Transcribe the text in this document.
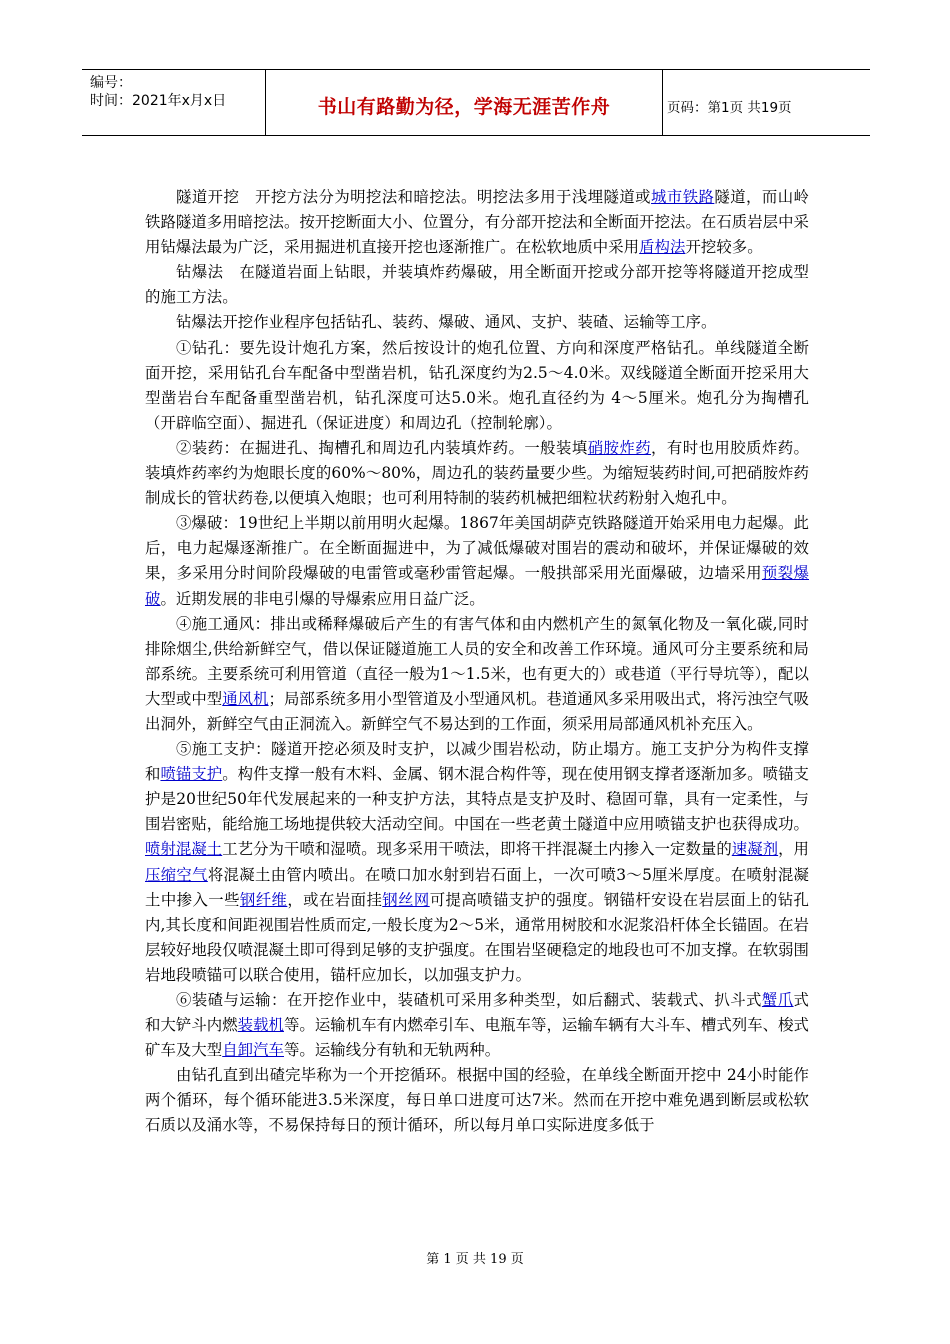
编号：
时间：2021年x月x日	书山有路勤为径，学海无涯苦作舟	页码：第1页 共19页

隧道开挖　开挖方法分为明挖法和暗挖法。明挖法多用于浅埋隧道或城市铁路隧道，而山岭铁路隧道多用暗挖法。按开挖断面大小、位置分，有分部开挖法和全断面开挖法。在石质岩层中采用钻爆法最为广泛，采用掘进机直接开挖也逐渐推广。在松软地质中采用盾构法开挖较多。

钻爆法　在隧道岩面上钻眼，并装填炸药爆破，用全断面开挖或分部开挖等将隧道开挖成型的施工方法。

钻爆法开挖作业程序包括钻孔、装药、爆破、通风、支护、装碴、运输等工序。

①钻孔：要先设计炮孔方案，然后按设计的炮孔位置、方向和深度严格钻孔。单线隧道全断面开挖，采用钻孔台车配备中型凿岩机，钻孔深度约为2.5～4.0米。双线隧道全断面开挖采用大型凿岩台车配备重型凿岩机，钻孔深度可达5.0米。炮孔直径约为 4～5厘米。炮孔分为掏槽孔（开辟临空面）、掘进孔（保证进度）和周边孔（控制轮廓）。

②装药：在掘进孔、掏槽孔和周边孔内装填炸药。一般装填硝胺炸药，有时也用胶质炸药。装填炸药率约为炮眼长度的60%～80%，周边孔的装药量要少些。为缩短装药时间,可把硝胺炸药制成长的管状药卷,以便填入炮眼；也可利用特制的装药机械把细粒状药粉射入炮孔中。

③爆破：19世纪上半期以前用明火起爆。1867年美国胡萨克铁路隧道开始采用电力起爆。此后，电力起爆逐渐推广。在全断面掘进中，为了减低爆破对围岩的震动和破坏，并保证爆破的效果，多采用分时间阶段爆破的电雷管或毫秒雷管起爆。一般拱部采用光面爆破，边墙采用预裂爆破。近期发展的非电引爆的导爆索应用日益广泛。

④施工通风：排出或稀释爆破后产生的有害气体和由内燃机产生的氮氧化物及一氧化碳,同时排除烟尘,供给新鲜空气，借以保证隧道施工人员的安全和改善工作环境。通风可分主要系统和局部系统。主要系统可利用管道（直径一般为1～1.5米，也有更大的）或巷道（平行导坑等），配以大型或中型通风机；局部系统多用小型管道及小型通风机。巷道通风多采用吸出式，将污浊空气吸出洞外，新鲜空气由正洞流入。新鲜空气不易达到的工作面，须采用局部通风机补充压入。

⑤施工支护：隧道开挖必须及时支护，以减少围岩松动，防止塌方。施工支护分为构件支撑和喷锚支护。构件支撑一般有木料、金属、钢木混合构件等，现在使用钢支撑者逐渐加多。喷锚支护是20世纪50年代发展起来的一种支护方法，其特点是支护及时、稳固可靠，具有一定柔性，与围岩密贴，能给施工场地提供较大活动空间。中国在一些老黄土隧道中应用喷锚支护也获得成功。喷射混凝土工艺分为干喷和湿喷。现多采用干喷法，即将干拌混凝土内掺入一定数量的速凝剂，用压缩空气将混凝土由管内喷出。在喷口加水射到岩石面上，一次可喷3～5厘米厚度。在喷射混凝土中掺入一些钢纤维，或在岩面挂钢丝网可提高喷锚支护的强度。钢锚杆安设在岩层面上的钻孔内,其长度和间距视围岩性质而定,一般长度为2～5米，通常用树胶和水泥浆沿杆体全长锚固。在岩层较好地段仅喷混凝土即可得到足够的支护强度。在围岩坚硬稳定的地段也可不加支撑。在软弱围岩地段喷锚可以联合使用，锚杆应加长，以加强支护力。

⑥装碴与运输：在开挖作业中，装碴机可采用多种类型，如后翻式、装载式、扒斗式蟹爪式和大铲斗内燃装载机等。运输机车有内燃牵引车、电瓶车等，运输车辆有大斗车、槽式列车、梭式矿车及大型自卸汽车等。运输线分有轨和无轨两种。

由钻孔直到出碴完毕称为一个开挖循环。根据中国的经验，在单线全断面开挖中 24小时能作两个循环，每个循环能进3.5米深度，每日单口进度可达7米。然而在开挖中难免遇到断层或松软石质以及涌水等，不易保持每日的预计循环，所以每月单口实际进度多低于

第 1 页 共 19 页
